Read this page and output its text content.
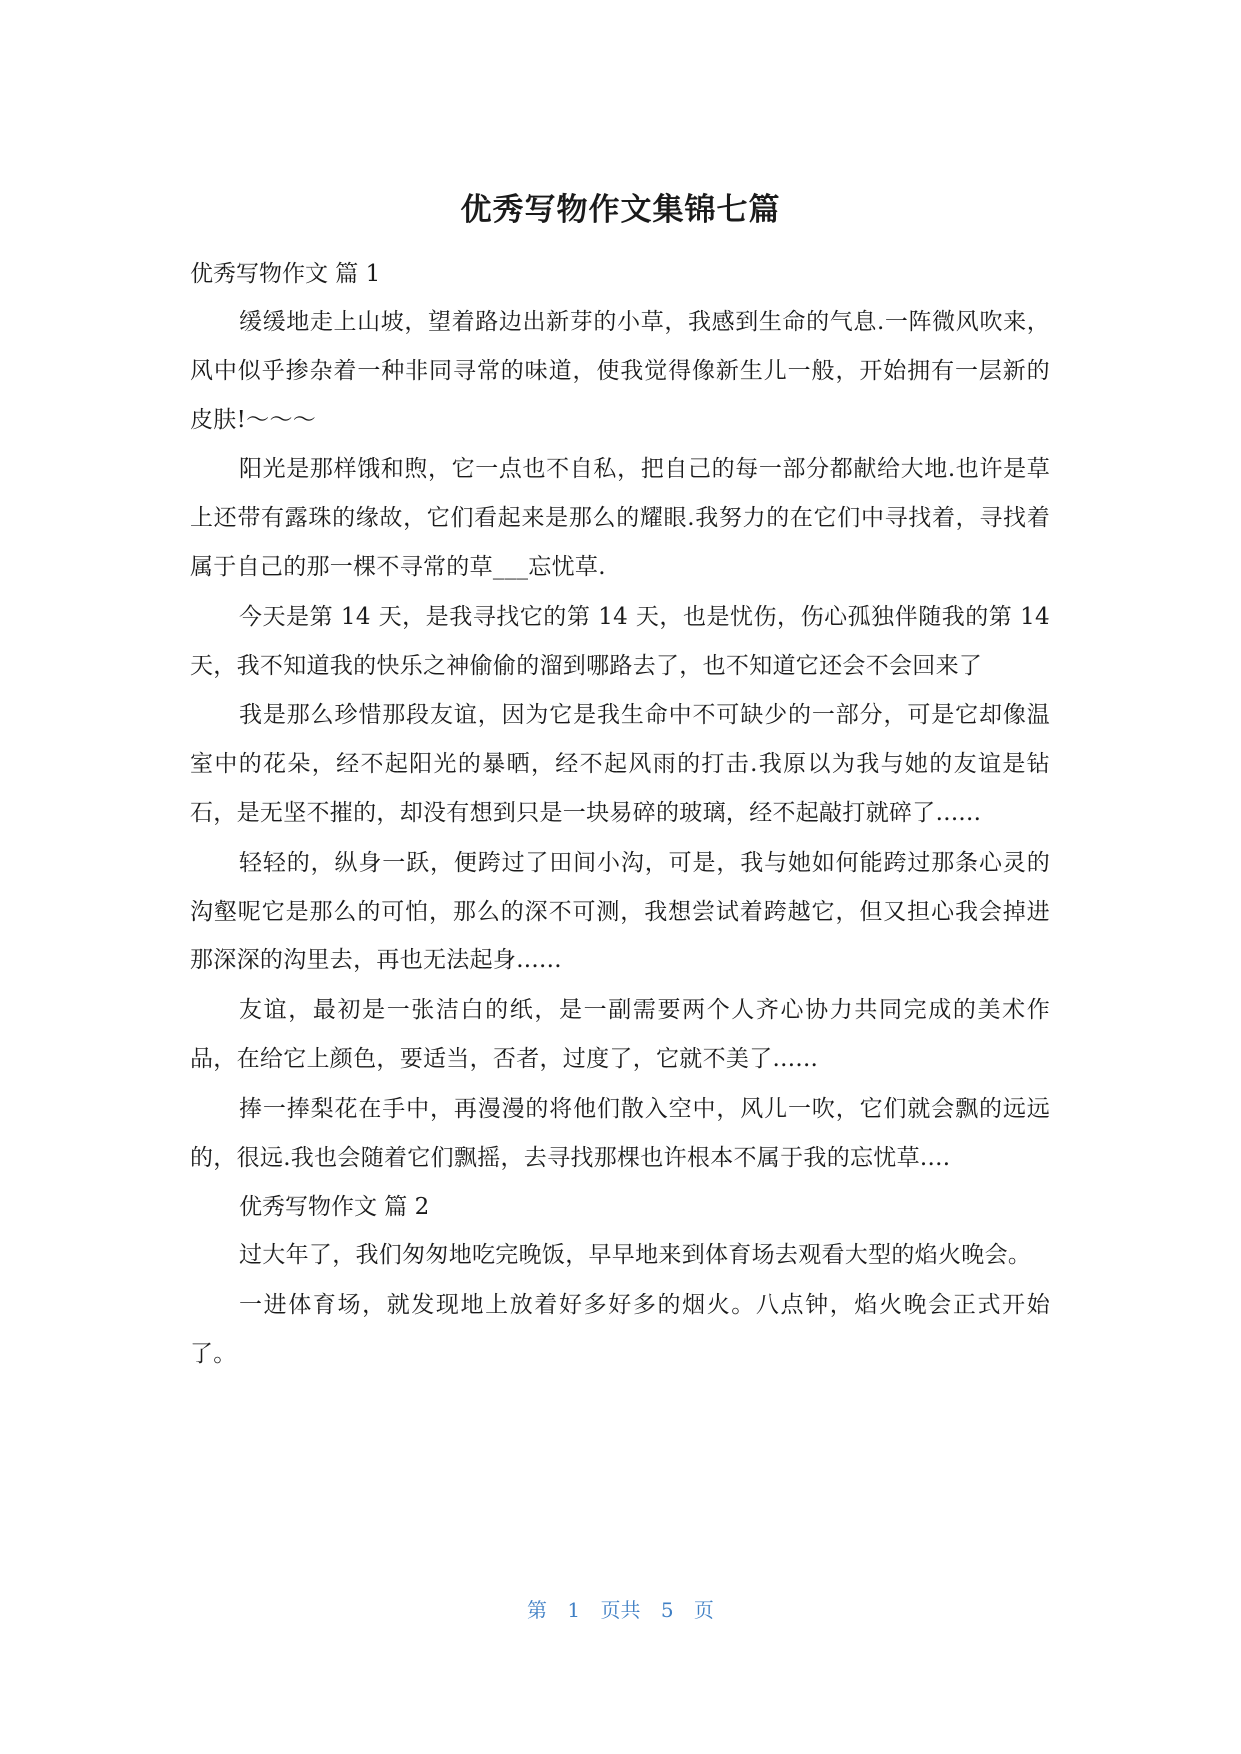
优秀写物作文集锦七篇

优秀写物作文 篇 1

缓缓地走上山坡，望着路边出新芽的小草，我感到生命的气息.一阵微风吹来，风中似乎掺杂着一种非同寻常的味道，使我觉得像新生儿一般，开始拥有一层新的皮肤!～～～

阳光是那样饿和煦，它一点也不自私，把自己的每一部分都献给大地.也许是草上还带有露珠的缘故，它们看起来是那么的耀眼.我努力的在它们中寻找着，寻找着属于自己的那一棵不寻常的草___忘忧草.

今天是第 14 天，是我寻找它的第 14 天，也是忧伤，伤心孤独伴随我的第 14 天，我不知道我的快乐之神偷偷的溜到哪路去了，也不知道它还会不会回来了

我是那么珍惜那段友谊，因为它是我生命中不可缺少的一部分，可是它却像温室中的花朵，经不起阳光的暴晒，经不起风雨的打击.我原以为我与她的友谊是钻石，是无坚不摧的，却没有想到只是一块易碎的玻璃，经不起敲打就碎了......

轻轻的，纵身一跃，便跨过了田间小沟，可是，我与她如何能跨过那条心灵的沟壑呢它是那么的可怕，那么的深不可测，我想尝试着跨越它，但又担心我会掉进那深深的沟里去，再也无法起身......

友谊，最初是一张洁白的纸，是一副需要两个人齐心协力共同完成的美术作品，在给它上颜色，要适当，否者，过度了，它就不美了......

捧一捧梨花在手中，再漫漫的将他们散入空中，风儿一吹，它们就会飘的远远的，很远.我也会随着它们飘摇，去寻找那棵也许根本不属于我的忘忧草....

优秀写物作文 篇 2

过大年了，我们匆匆地吃完晚饭，早早地来到体育场去观看大型的焰火晚会。

一进体育场，就发现地上放着好多好多的烟火。八点钟，焰火晚会正式开始了。

第 1 页共 5 页
